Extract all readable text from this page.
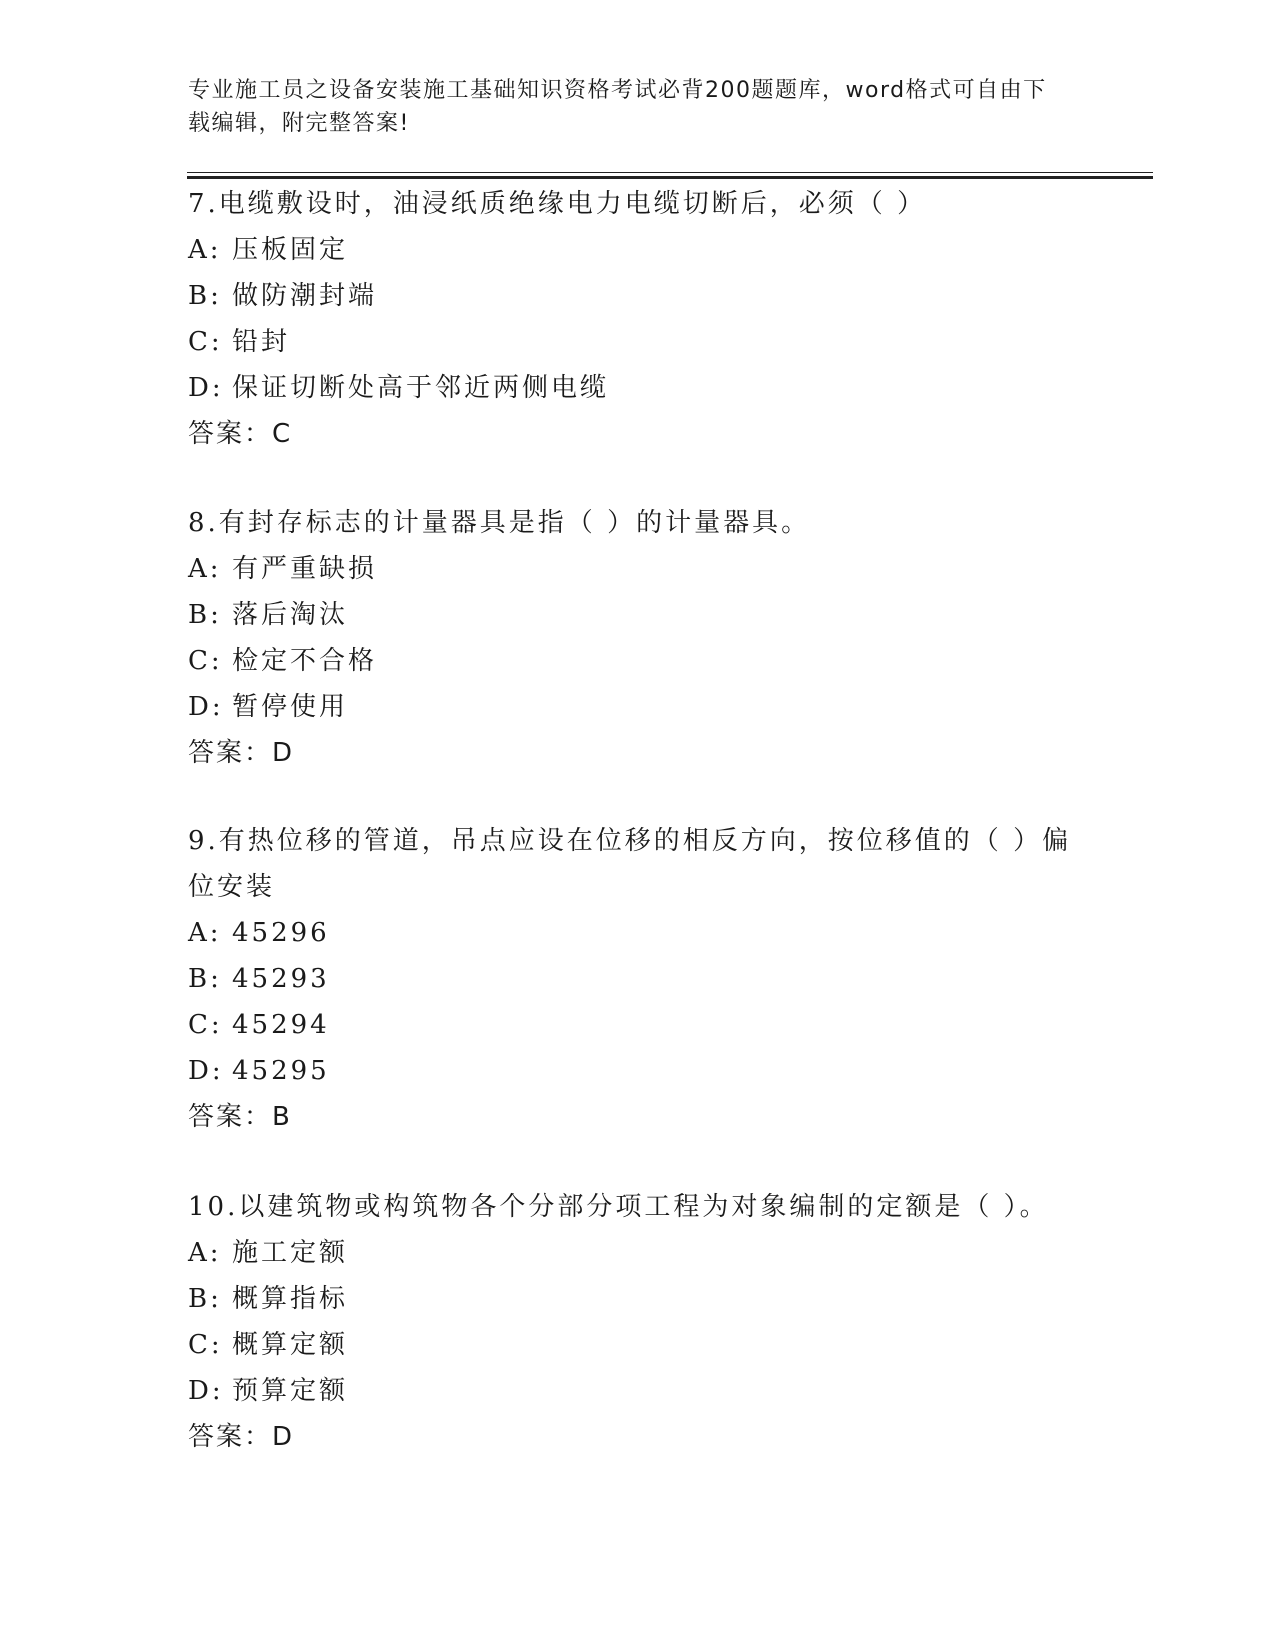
专业施工员之设备安装施工基础知识资格考试必背200题题库，word格式可自由下载编辑，附完整答案!
7.电缆敷设时，油浸纸质绝缘电力电缆切断后，必须（ ）
A: 压板固定
B: 做防潮封端
C: 铅封
D: 保证切断处高于邻近两侧电缆
答案：C
8.有封存标志的计量器具是指（ ）的计量器具。
A: 有严重缺损
B: 落后淘汰
C: 检定不合格
D: 暂停使用
答案：D
9.有热位移的管道，吊点应设在位移的相反方向，按位移值的（ ）偏位安装
A: 45296
B: 45293
C: 45294
D: 45295
答案：B
10.以建筑物或构筑物各个分部分项工程为对象编制的定额是（ ）。
A: 施工定额
B: 概算指标
C: 概算定额
D: 预算定额
答案：D
